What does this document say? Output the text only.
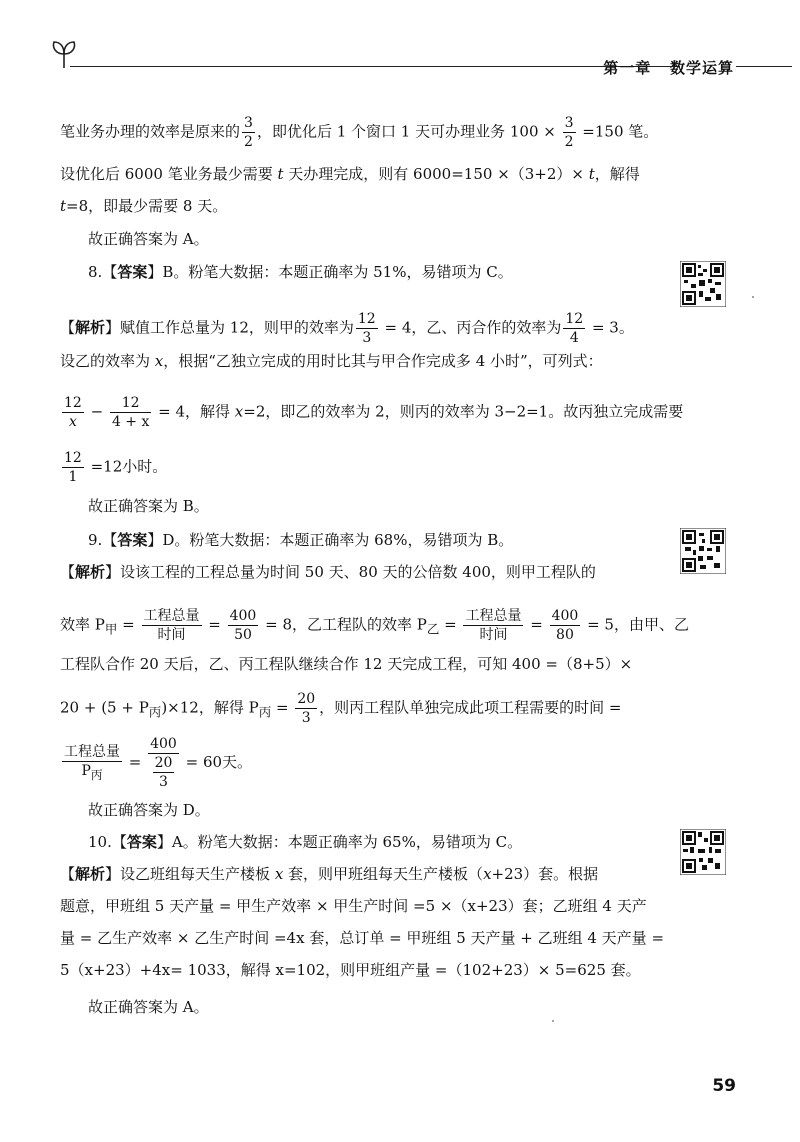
第一章 数学运算
笔业务办理的效率是原来的 $\frac{3}{2}$ ，即优化后 1 个窗口 1 天可办理业务 $100 \times \frac{3}{2} =150$ 笔。
设优化后 6000 笔业务最少需要 t 天办理完成，则有 6000=150 ×（3+2）× t，解得
t=8，即最少需要 8 天。
故正确答案为 A。
8.【答案】B。粉笔大数据：本题正确率为 51%，易错项为 C。
【解析】赋值工作总量为 12，则甲的效率为 $\frac{12}{3} = 4$，乙、丙合作的效率为 $\frac{12}{4} = 3$。
设乙的效率为 x，根据“乙独立完成的用时比其与甲合作完成多 4 小时”，可列式：
$\frac{12}{x} - \frac{12}{4 + x} = 4$，解得 x=2，即乙的效率为 2，则丙的效率为 3−2=1。故丙独立完成需要
$\frac{12}{1} =12$小时。
故正确答案为 B。
9.【答案】D。粉笔大数据：本题正确率为 68%，易错项为 B。
【解析】设该工程的工程总量为时间 50 天、80 天的公倍数 400，则甲工程队的
效率 $P_甲 = \frac{\text{工程总量}}{\text{时间}} = \frac{400}{50} = 8$，乙工程队的效率 $P_乙 = \frac{\text{工程总量}}{\text{时间}} = \frac{400}{80} = 5$，由甲、乙
工程队合作 20 天后，乙、丙工程队继续合作 12 天完成工程，可知 400 =（8+5）×
$20 + (5 + P_丙)\times 12$，解得 $P_丙 = \frac{20}{3}$ ，则丙工程队单独完成此项工程需要的时间 =
$\frac{\text{工程总量}}{P_丙} = \frac{400}{\frac{20}{3}} = 60$天。
故正确答案为 D。
10.【答案】A。粉笔大数据：本题正确率为 65%，易错项为 C。
【解析】设乙班组每天生产楼板 x 套，则甲班组每天生产楼板（x+23）套。根据
题意，甲班组 5 天产量 = 甲生产效率 × 甲生产时间 =5 ×（x+23）套；乙班组 4 天产
量 = 乙生产效率 × 乙生产时间 =4x 套，总订单 = 甲班组 5 天产量 + 乙班组 4 天产量 =
5（x+23）+4x= 1033，解得 x=102，则甲班组产量 =（102+23）× 5=625 套。
故正确答案为 A。
59
